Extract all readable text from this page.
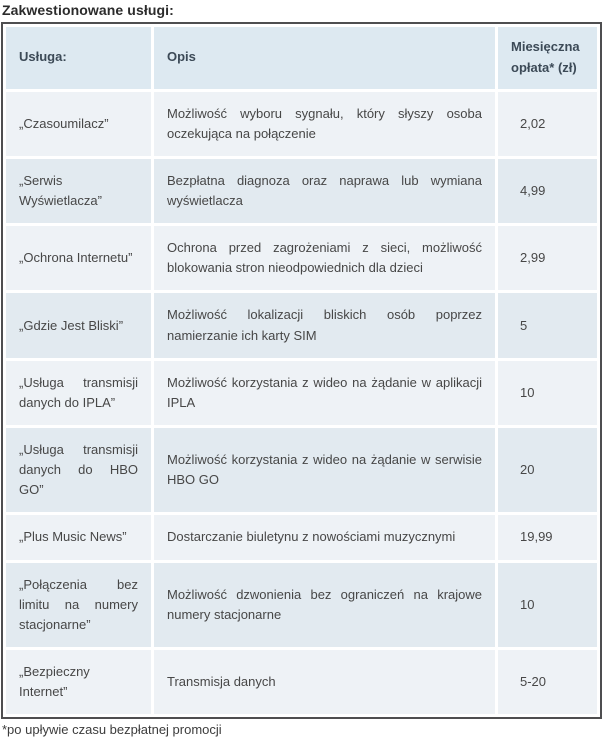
Zakwestionowane usługi:
Usługa:	Opis	Miesięczna opłata* (zł)
„Czasoumilacz”	Możliwość wyboru sygnału, który słyszy osoba oczekująca na połączenie	2,02
„Serwis Wyświetlacza”	Bezpłatna diagnoza oraz naprawa lub wymiana wyświetlacza	4,99
„Ochrona Internetu”	Ochrona przed zagrożeniami z sieci, możliwość blokowania stron nieodpowiednich dla dzieci	2,99
„Gdzie Jest Bliski”	Możliwość lokalizacji bliskich osób poprzez namierzanie ich karty SIM	5
„Usługa transmisji danych do IPLA”	Możliwość korzystania z wideo na żądanie w aplikacji IPLA	10
„Usługa transmisji danych do HBO GO”	Możliwość korzystania z wideo na żądanie w serwisie HBO GO	20
„Plus Music News”	Dostarczanie biuletynu z nowościami muzycznymi	19,99
„Połączenia bez limitu na numery stacjonarne”	Możliwość dzwonienia bez ograniczeń na krajowe numery stacjonarne	10
„Bezpieczny Internet”	Transmisja danych	5-20
*po upływie czasu bezpłatnej promocji
